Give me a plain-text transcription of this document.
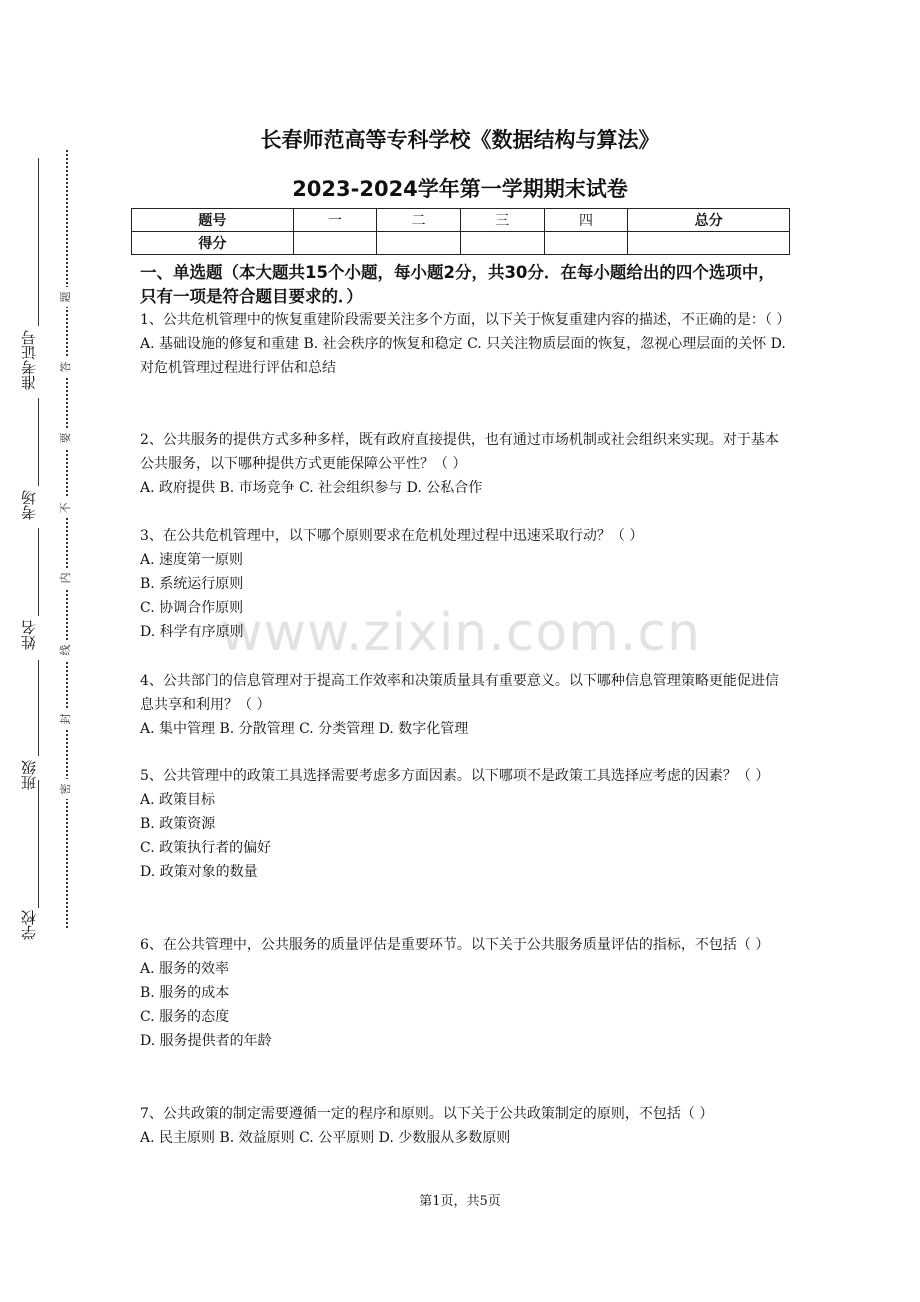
学校
班级
姓名
考场
准考证号
题
答
要
不
内
线
封
密
长春师范高等专科学校《数据结构与算法》
2023-2024学年第一学期期末试卷
题号	一	二	三	四	总分
得分					
一、单选题（本大题共15个小题，每小题2分，共30分．在每小题给出的四个选项中，只有一项是符合题目要求的．）
www.zixin.com.cn

1、公共危机管理中的恢复重建阶段需要关注多个方面，以下关于恢复重建内容的描述，不正确的是：（ ）

A. 基础设施的修复和重建 B. 社会秩序的恢复和稳定 C. 只关注物质层面的恢复，忽视心理层面的关怀 D. 对危机管理过程进行评估和总结

2、公共服务的提供方式多种多样，既有政府直接提供，也有通过市场机制或社会组织来实现。对于基本公共服务，以下哪种提供方式更能保障公平性？（ ）

A. 政府提供 B. 市场竞争 C. 社会组织参与 D. 公私合作

3、在公共危机管理中，以下哪个原则要求在危机处理过程中迅速采取行动？（ ）

A. 速度第一原则

B. 系统运行原则

C. 协调合作原则

D. 科学有序原则

4、公共部门的信息管理对于提高工作效率和决策质量具有重要意义。以下哪种信息管理策略更能促进信息共享和利用？（ ）

A. 集中管理 B. 分散管理 C. 分类管理 D. 数字化管理

5、公共管理中的政策工具选择需要考虑多方面因素。以下哪项不是政策工具选择应考虑的因素？（ ）

A. 政策目标

B. 政策资源

C. 政策执行者的偏好

D. 政策对象的数量

6、在公共管理中，公共服务的质量评估是重要环节。以下关于公共服务质量评估的指标，不包括（ ）

A. 服务的效率

B. 服务的成本

C. 服务的态度

D. 服务提供者的年龄

7、公共政策的制定需要遵循一定的程序和原则。以下关于公共政策制定的原则，不包括（ ）

A. 民主原则 B. 效益原则 C. 公平原则 D. 少数服从多数原则

第1页，共5页
